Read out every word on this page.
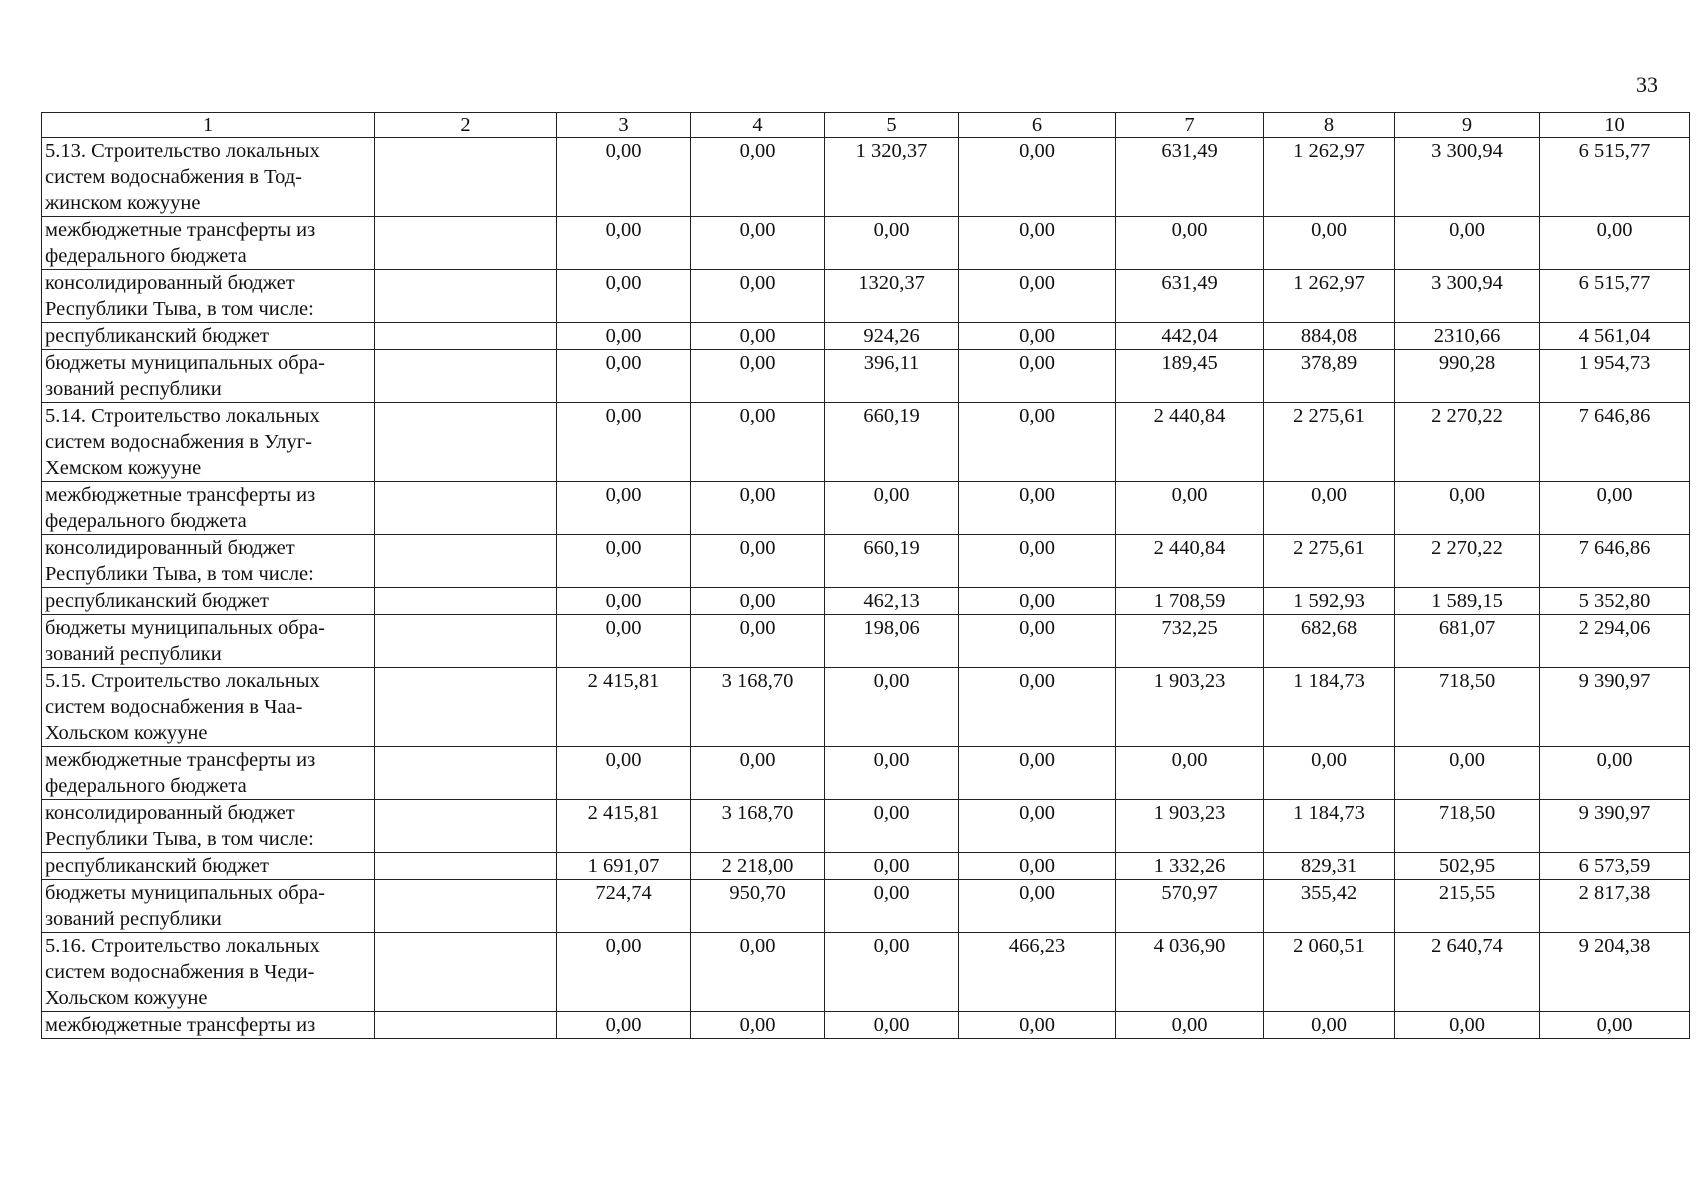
33
1	2	3	4	5	6	7	8	9	10
5.13. Строительство локальных систем водоснабжения в Тод- жинском кожууне		0,00	0,00	1 320,37	0,00	631,49	1 262,97	3 300,94	6 515,77
межбюджетные трансферты из федерального бюджета		0,00	0,00	0,00	0,00	0,00	0,00	0,00	0,00
консолидированный бюджет Республики Тыва, в том числе:		0,00	0,00	1320,37	0,00	631,49	1 262,97	3 300,94	6 515,77
республиканский бюджет		0,00	0,00	924,26	0,00	442,04	884,08	2310,66	4 561,04
бюджеты муниципальных обра- зований республики		0,00	0,00	396,11	0,00	189,45	378,89	990,28	1 954,73
5.14. Строительство локальных систем водоснабжения в Улуг- Хемском кожууне		0,00	0,00	660,19	0,00	2 440,84	2 275,61	2 270,22	7 646,86
межбюджетные трансферты из федерального бюджета		0,00	0,00	0,00	0,00	0,00	0,00	0,00	0,00
консолидированный бюджет Республики Тыва, в том числе:		0,00	0,00	660,19	0,00	2 440,84	2 275,61	2 270,22	7 646,86
республиканский бюджет		0,00	0,00	462,13	0,00	1 708,59	1 592,93	1 589,15	5 352,80
бюджеты муниципальных обра- зований республики		0,00	0,00	198,06	0,00	732,25	682,68	681,07	2 294,06
5.15. Строительство локальных систем водоснабжения в Чаа- Хольском кожууне		2 415,81	3 168,70	0,00	0,00	1 903,23	1 184,73	718,50	9 390,97
межбюджетные трансферты из федерального бюджета		0,00	0,00	0,00	0,00	0,00	0,00	0,00	0,00
консолидированный бюджет Республики Тыва, в том числе:		2 415,81	3 168,70	0,00	0,00	1 903,23	1 184,73	718,50	9 390,97
республиканский бюджет		1 691,07	2 218,00	0,00	0,00	1 332,26	829,31	502,95	6 573,59
бюджеты муниципальных обра- зований республики		724,74	950,70	0,00	0,00	570,97	355,42	215,55	2 817,38
5.16. Строительство локальных систем водоснабжения в Чеди- Хольском кожууне		0,00	0,00	0,00	466,23	4 036,90	2 060,51	2 640,74	9 204,38
межбюджетные трансферты из		0,00	0,00	0,00	0,00	0,00	0,00	0,00	0,00
